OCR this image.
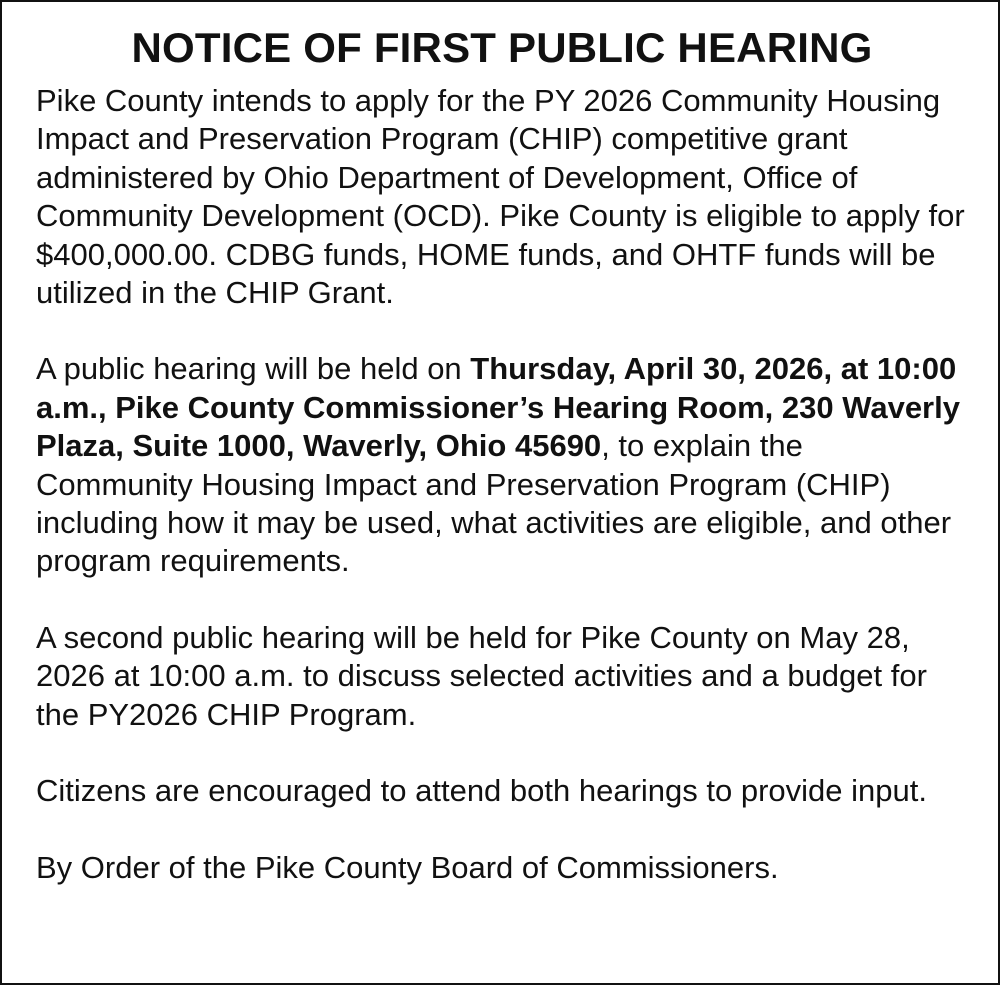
NOTICE OF FIRST PUBLIC HEARING

Pike County intends to apply for the PY 2026 Community Housing Impact and Preservation Program (CHIP) competitive grant administered by Ohio Department of Development, Office of Community Development (OCD). Pike County is eligible to apply for $400,000.00. CDBG funds, HOME funds, and OHTF funds will be utilized in the CHIP Grant.

A public hearing will be held on Thursday, April 30, 2026, at 10:00 a.m., Pike County Commissioner’s Hearing Room, 230 Waverly Plaza, Suite 1000, Waverly, Ohio 45690, to explain the Community Housing Impact and Preservation Program (CHIP) including how it may be used, what activities are eligible, and other program requirements.

A second public hearing will be held for Pike County on May 28, 2026 at 10:00 a.m. to discuss selected activities and a budget for the PY2026 CHIP Program.

Citizens are encouraged to attend both hearings to provide input.

By Order of the Pike County Board of Commissioners.
